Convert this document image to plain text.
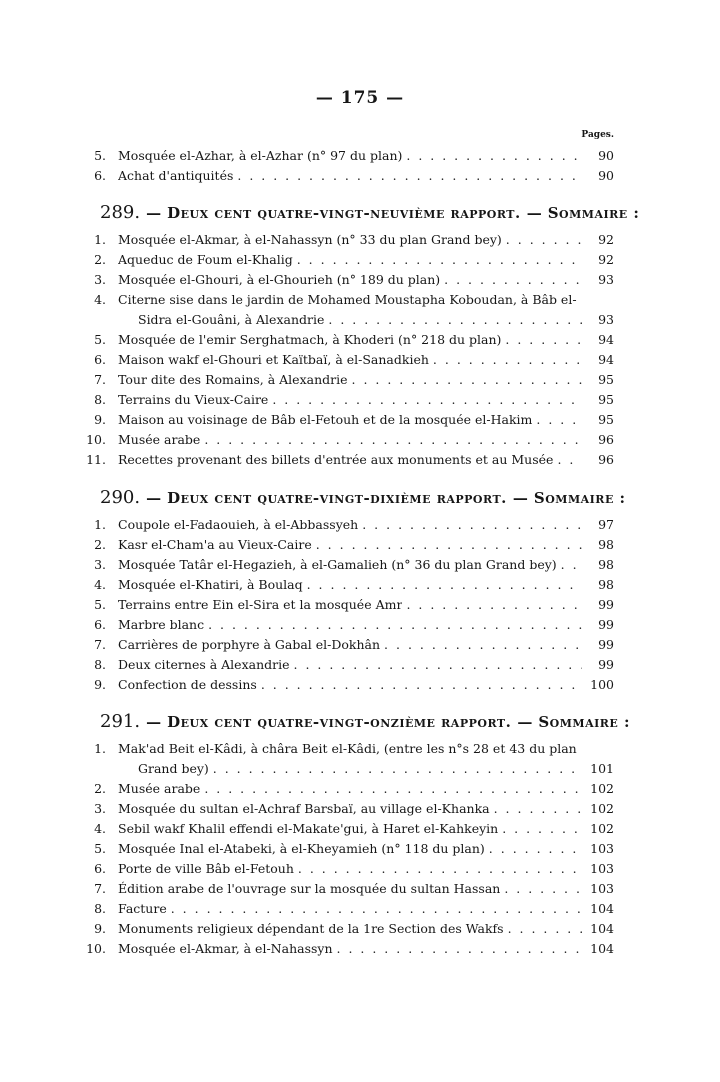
— 175 —
Pages.
5. Mosquée el-Azhar, à el-Azhar (n° 97 du plan) . . .	90
6. Achat d'antiquités . . .	90
289. — Deux cent quatre-vingt-neuvième rapport. — Sommaire :
1. Mosquée el-Akmar, à el-Nahassyn (n° 33 du plan Grand bey) . . .	92
2. Aqueduc de Foum el-Khalig . . .	92
3. Mosquée el-Ghouri, à el-Ghourieh (n° 189 du plan) . . .	93
4. Citerne sise dans le jardin de Mohamed Moustapha Koboudan, à Bâb el-
Sidra el-Gouâni, à Alexandrie . . .	93
5. Mosquée de l'emir Serghatmach, à Khoderi (n° 218 du plan) . . .	94
6. Maison wakf el-Ghouri et Kaïtbaï, à el-Sanadkieh . . .	94
7. Tour dite des Romains, à Alexandrie . . .	95
8. Terrains du Vieux-Caire . . .	95
9. Maison au voisinage de Bâb el-Fetouh et de la mosquée el-Hakim . . .	95
10. Musée arabe . . .	96
11. Recettes provenant des billets d'entrée aux monuments et au Musée . . .	96
290. — Deux cent quatre-vingt-dixième rapport. — Sommaire :
1. Coupole el-Fadaouieh, à el-Abbassyeh . . .	97
2. Kasr el-Cham'a au Vieux-Caire . . .	98
3. Mosquée Tatâr el-Hegazieh, à el-Gamalieh (n° 36 du plan Grand bey) . . .	98
4. Mosquée el-Khatiri, à Boulaq . . .	98
5. Terrains entre Ein el-Sira et la mosquée Amr . . .	99
6. Marbre blanc . . .	99
7. Carrières de porphyre à Gabal el-Dokhân . . .	99
8. Deux citernes à Alexandrie . . .	99
9. Confection de dessins . . .	100
291. — Deux cent quatre-vingt-onzième rapport. — Sommaire :
1. Mak'ad Beit el-Kâdi, à châra Beit el-Kâdi, (entre les n°s 28 et 43 du plan
Grand bey) . . .	101
2. Musée arabe . . .	102
3. Mosquée du sultan el-Achraf Barsbaï, au village el-Khanka . . .	102
4. Sebil wakf Khalil effendi el-Makate'gui, à Haret el-Kahkeyin . . .	102
5. Mosquée Inal el-Atabeki, à el-Kheyamieh (n° 118 du plan) . . .	103
6. Porte de ville Bâb el-Fetouh . . .	103
7. Édition arabe de l'ouvrage sur la mosquée du sultan Hassan . . .	103
8. Facture . . .	104
9. Monuments religieux dépendant de la 1re Section des Wakfs . . .	104
10. Mosquée el-Akmar, à el-Nahassyn . . .	104
